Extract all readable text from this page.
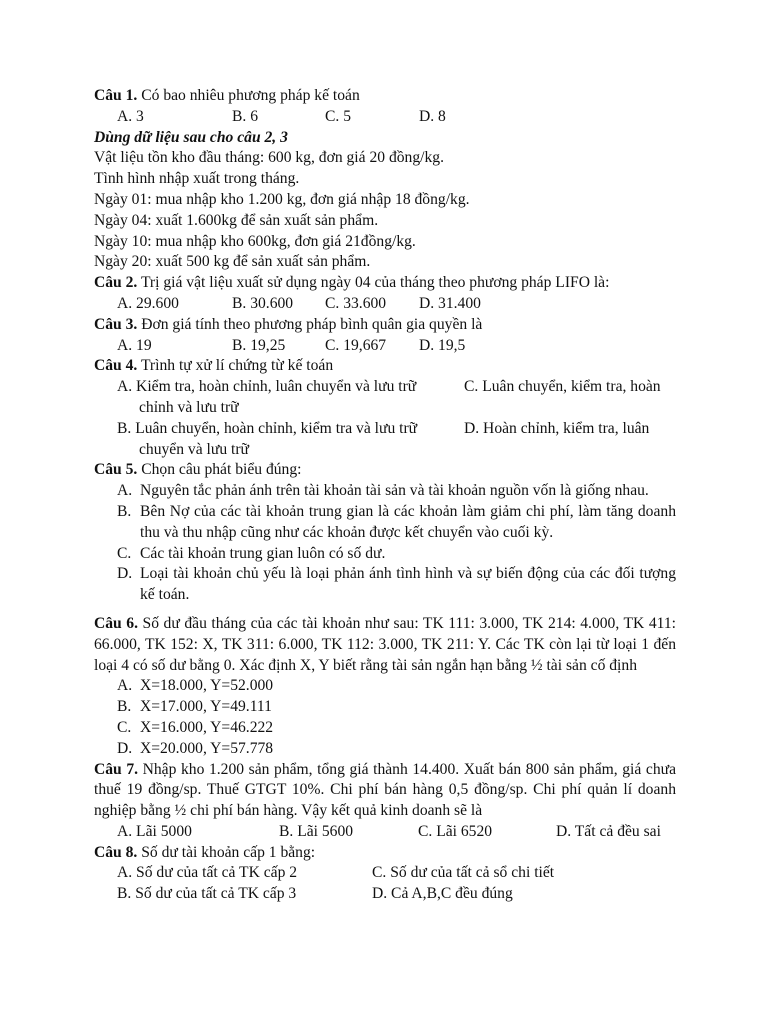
Câu 1. Có bao nhiêu phương pháp kế toán
A. 3	B. 6	C. 5	D. 8
Dùng dữ liệu sau cho câu 2, 3
Vật liệu tồn kho đầu tháng: 600 kg, đơn giá 20 đồng/kg.
Tình hình nhập xuất trong tháng.
Ngày 01: mua nhập kho 1.200 kg, đơn giá nhập 18 đồng/kg.
Ngày 04: xuất 1.600kg để sản xuất sản phẩm.
Ngày 10: mua nhập kho 600kg, đơn giá 21đồng/kg.
Ngày 20: xuất 500 kg để sản xuất sản phẩm.
Câu 2. Trị giá vật liệu xuất sử dụng ngày 04 của tháng theo phương pháp LIFO là:
A. 29.600	B. 30.600 C. 33.600 D. 31.400
Câu 3. Đơn giá tính theo phương pháp bình quân gia quyền là
A. 19	B. 19,25	C. 19,667 D. 19,5
Câu 4. Trình tự xử lí chứng từ kế toán
A. Kiểm tra, hoàn chỉnh, luân chuyển và lưu trữ	C. Luân chuyển, kiểm tra, hoàn
chỉnh và lưu trữ
B. Luân chuyển, hoàn chỉnh, kiểm tra và lưu trữ	D. Hoàn chỉnh, kiểm tra, luân
chuyển và lưu trữ
Câu 5. Chọn câu phát biểu đúng:
A. Nguyên tắc phản ánh trên tài khoản tài sản và tài khoản nguồn vốn là giống nhau.
B. Bên Nợ của các tài khoản trung gian là các khoản làm giảm chi phí, làm tăng doanh thu và thu nhập cũng như các khoản được kết chuyển vào cuối kỳ.
C. Các tài khoản trung gian luôn có số dư.
D. Loại tài khoản chủ yếu là loại phản ánh tình hình và sự biến động của các đối tượng kế toán.
Câu 6. Số dư đầu tháng của các tài khoản như sau: TK 111: 3.000, TK 214: 4.000, TK 411: 66.000, TK 152: X, TK 311: 6.000, TK 112: 3.000, TK 211: Y. Các TK còn lại từ loại 1 đến loại 4 có số dư bằng 0. Xác định X, Y biết rằng tài sản ngắn hạn bằng ½ tài sản cố định
A. X=18.000, Y=52.000
B. X=17.000, Y=49.111
C. X=16.000, Y=46.222
D. X=20.000, Y=57.778
Câu 7. Nhập kho 1.200 sản phẩm, tổng giá thành 14.400. Xuất bán 800 sản phẩm, giá chưa thuế 19 đồng/sp. Thuế GTGT 10%. Chi phí bán hàng 0,5 đồng/sp. Chi phí quản lí doanh nghiệp bằng ½ chi phí bán hàng. Vậy kết quả kinh doanh sẽ là
A. Lãi 5000	B. Lãi 5600	C. Lãi 6520	D. Tất cả đều sai
Câu 8. Số dư tài khoản cấp 1 bằng:
A. Số dư của tất cả TK cấp 2	C. Số dư của tất cả sổ chi tiết
B. Số dư của tất cả TK cấp 3	D. Cả A,B,C đều đúng
